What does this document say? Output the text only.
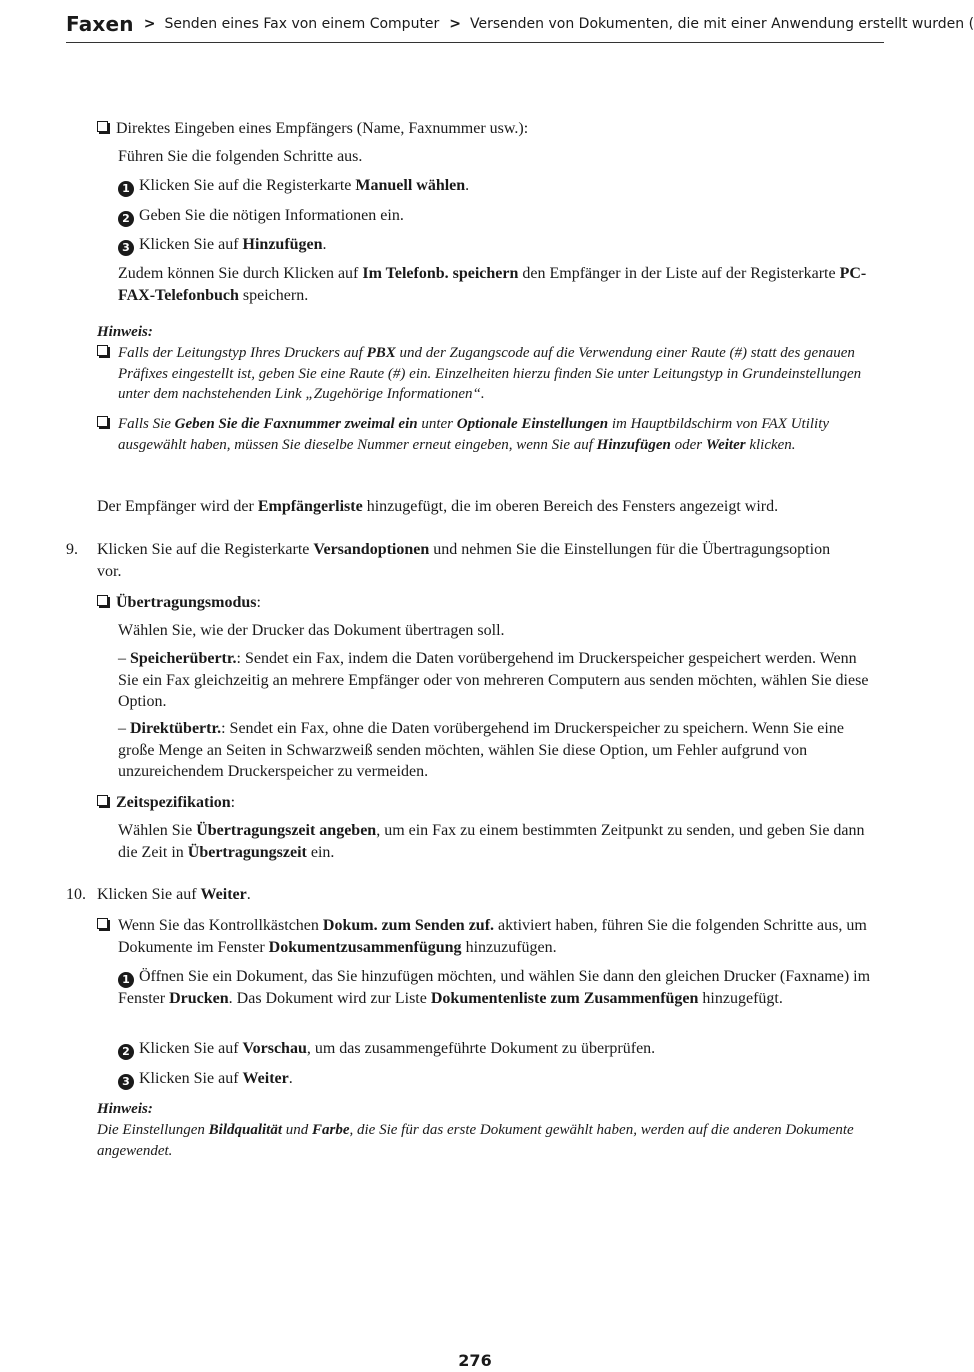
Faxen > Senden eines Fax von einem Computer > Versenden von Dokumenten, die mit einer Anwendung erstellt wurden (

Direktes Eingeben eines Empfängers (Name, Faxnummer usw.):

Führen Sie die folgenden Schritte aus.

1 Klicken Sie auf die Registerkarte Manuell wählen.

2 Geben Sie die nötigen Informationen ein.

3 Klicken Sie auf Hinzufügen.

Zudem können Sie durch Klicken auf Im Telefonb. speichern den Empfänger in der Liste auf der Registerkarte PC-FAX-Telefonbuch speichern.

Hinweis:

Falls der Leitungstyp Ihres Druckers auf PBX und der Zugangscode auf die Verwendung einer Raute (#) statt des genauen Präfixes eingestellt ist, geben Sie eine Raute (#) ein. Einzelheiten hierzu finden Sie unter Leitungstyp in Grundeinstellungen unter dem nachstehenden Link „Zugehörige Informationen“.

Falls Sie Geben Sie die Faxnummer zweimal ein unter Optionale Einstellungen im Hauptbildschirm von FAX Utility ausgewählt haben, müssen Sie dieselbe Nummer erneut eingeben, wenn Sie auf Hinzufügen oder Weiter klicken.

Der Empfänger wird der Empfängerliste hinzugefügt, die im oberen Bereich des Fensters angezeigt wird.

9. Klicken Sie auf die Registerkarte Versandoptionen und nehmen Sie die Einstellungen für die Übertragungsoption vor.

Übertragungsmodus:

Wählen Sie, wie der Drucker das Dokument übertragen soll.

– Speicherübertr.: Sendet ein Fax, indem die Daten vorübergehend im Druckerspeicher gespeichert werden. Wenn Sie ein Fax gleichzeitig an mehrere Empfänger oder von mehreren Computern aus senden möchten, wählen Sie diese Option.

– Direktübertr.: Sendet ein Fax, ohne die Daten vorübergehend im Druckerspeicher zu speichern. Wenn Sie eine große Menge an Seiten in Schwarzweiß senden möchten, wählen Sie diese Option, um Fehler aufgrund von unzureichendem Druckerspeicher zu vermeiden.

Zeitspezifikation:

Wählen Sie Übertragungszeit angeben, um ein Fax zu einem bestimmten Zeitpunkt zu senden, und geben Sie dann die Zeit in Übertragungszeit ein.

10. Klicken Sie auf Weiter.

Wenn Sie das Kontrollkästchen Dokum. zum Senden zuf. aktiviert haben, führen Sie die folgenden Schritte aus, um Dokumente im Fenster Dokumentzusammenfügung hinzuzufügen.

1 Öffnen Sie ein Dokument, das Sie hinzufügen möchten, und wählen Sie dann den gleichen Drucker (Faxname) im Fenster Drucken. Das Dokument wird zur Liste Dokumentenliste zum Zusammenfügen hinzugefügt.

2 Klicken Sie auf Vorschau, um das zusammengeführte Dokument zu überprüfen.

3 Klicken Sie auf Weiter.

Hinweis:

Die Einstellungen Bildqualität und Farbe, die Sie für das erste Dokument gewählt haben, werden auf die anderen Dokumente angewendet.

276
